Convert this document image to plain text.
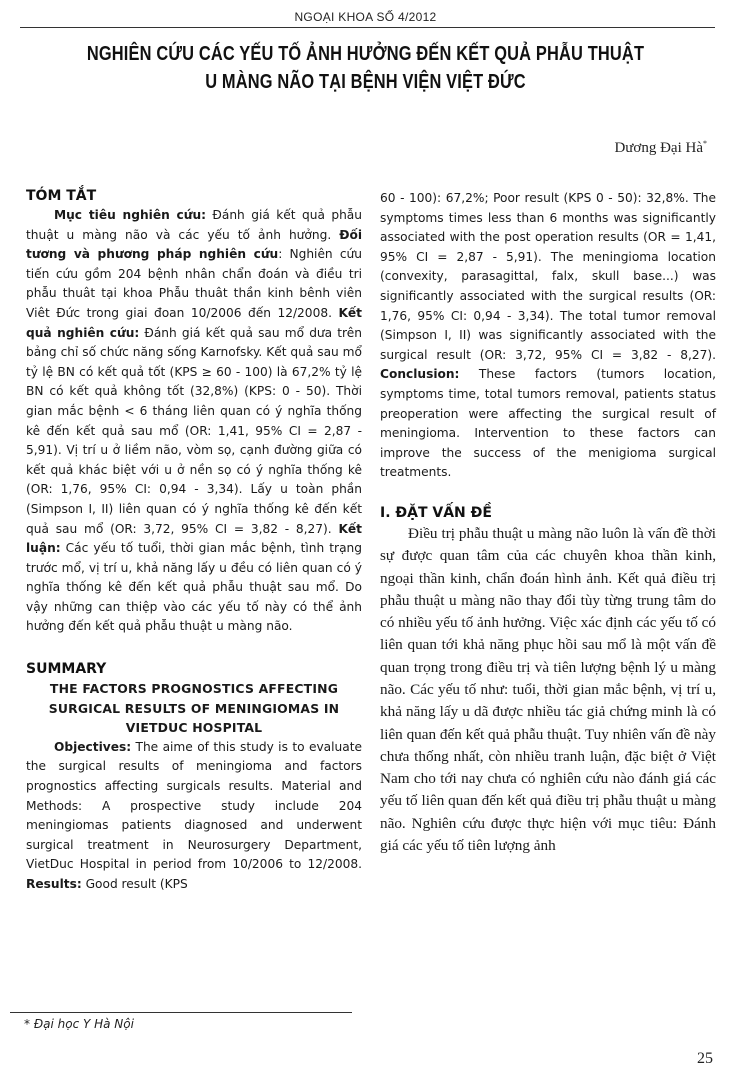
NGOẠI KHOA SỐ 4/2012
NGHIÊN CỨU CÁC YẾU TỐ ẢNH HƯỞNG ĐẾN KẾT QUẢ PHẪU THUẬT
U MÀNG NÃO TẠI BỆNH VIỆN VIỆT ĐỨC
Dương Đại Hà*
TÓM TẮT

Mục tiêu nghiên cứu: Đánh giá kết quả phẫu thuật u màng não và các yếu tố ảnh hưởng. Đối tương và phương pháp nghiên cứu: Nghiên cứu tiến cứu gồm 204 bệnh nhân chẩn đoán và điều tri phẫu thuât tại khoa Phẫu thuât thần kinh bênh viên Viêt Đức trong giai đoan 10/2006 đến 12/2008. Kết quả nghiên cứu: Đánh giá kết quả sau mổ dưa trên bảng chỉ số chức năng sống Karnofsky. Kết quả sau mổ tỷ lệ BN có kết quả tốt (KPS ≥ 60 - 100) là 67,2% tỷ lệ BN có kết quả không tốt (32,8%) (KPS: 0 - 50). Thời gian mắc bệnh < 6 tháng liên quan có ý nghĩa thống kê đến kết quả sau mổ (OR: 1,41, 95% CI = 2,87 - 5,91). Vị trí u ở liềm não, vòm sọ, cạnh đường giữa có kết quả khác biệt với u ở nền sọ có ý nghĩa thống kê (OR: 1,76, 95% CI: 0,94 - 3,34). Lấy u toàn phần (Simpson I, II) liên quan có ý nghĩa thống kê đến kết quả sau mổ (OR: 3,72, 95% CI = 3,82 - 8,27). Kết luận: Các yếu tố tuổi, thời gian mắc bệnh, tình trạng trước mổ, vị trí u, khả năng lấy u đều có liên quan có ý nghĩa thống kê đến kết quả phẫu thuật sau mổ. Do vậy những can thiệp vào các yếu tố này có thể ảnh hưởng đến kết quả phẫu thuật u màng não.

SUMMARY
THE FACTORS PROGNOSTICS AFFECTING SURGICAL RESULTS OF MENINGIOMAS IN VIETDUC HOSPITAL

Objectives: The aime of this study is to evaluate the surgical results of meningioma and factors prognostics affecting surgicals results. Material and Methods: A prospective study include 204 meningiomas patients diagnosed and underwent surgical treatment in Neurosurgery Department, VietDuc Hospital in period from 10/2006 to 12/2008. Results: Good result (KPS

60 - 100): 67,2%; Poor result (KPS 0 - 50): 32,8%. The symptoms times less than 6 months was significantly associated with the post operation results (OR = 1,41, 95% CI = 2,87 - 5,91). The meningioma location (convexity, parasagittal, falx, skull base...) was significantly associated with the surgical results (OR: 1,76, 95% CI: 0,94 - 3,34). The total tumor removal (Simpson I, II) was significantly associated with the surgical result (OR: 3,72, 95% CI = 3,82 - 8,27). Conclusion: These factors (tumors location, symptoms time, total tumors removal, patients status preoperation were affecting the surgical result of meningioma. Intervention to these factors can improve the success of the menigioma surgical treatments.

I. ĐẶT VẤN ĐỀ

Điều trị phẫu thuật u màng não luôn là vấn đề thời sự được quan tâm của các chuyên khoa thần kinh, ngoại thần kinh, chẩn đoán hình ảnh. Kết quả điều trị phẫu thuật u màng não thay đổi tùy từng trung tâm do có nhiều yếu tố ảnh hưởng. Việc xác định các yếu tố có liên quan tới khả năng phục hồi sau mổ là một vấn đề quan trọng trong điều trị và tiên lượng bệnh lý u màng não. Các yếu tố như: tuổi, thời gian mắc bệnh, vị trí u, khả năng lấy u dã được nhiều tác giả chứng minh là có liên quan đến kết quả phẫu thuật. Tuy nhiên vấn đề này chưa thống nhất, còn nhiều tranh luận, đặc biệt ở Việt Nam cho tới nay chưa có nghiên cứu nào đánh giá các yếu tố liên quan đến kết quả điều trị phẫu thuật u màng não. Nghiên cứu được thực hiện với mục tiêu: Đánh giá các yếu tố tiên lượng ảnh

* Đại học Y Hà Nội
25
